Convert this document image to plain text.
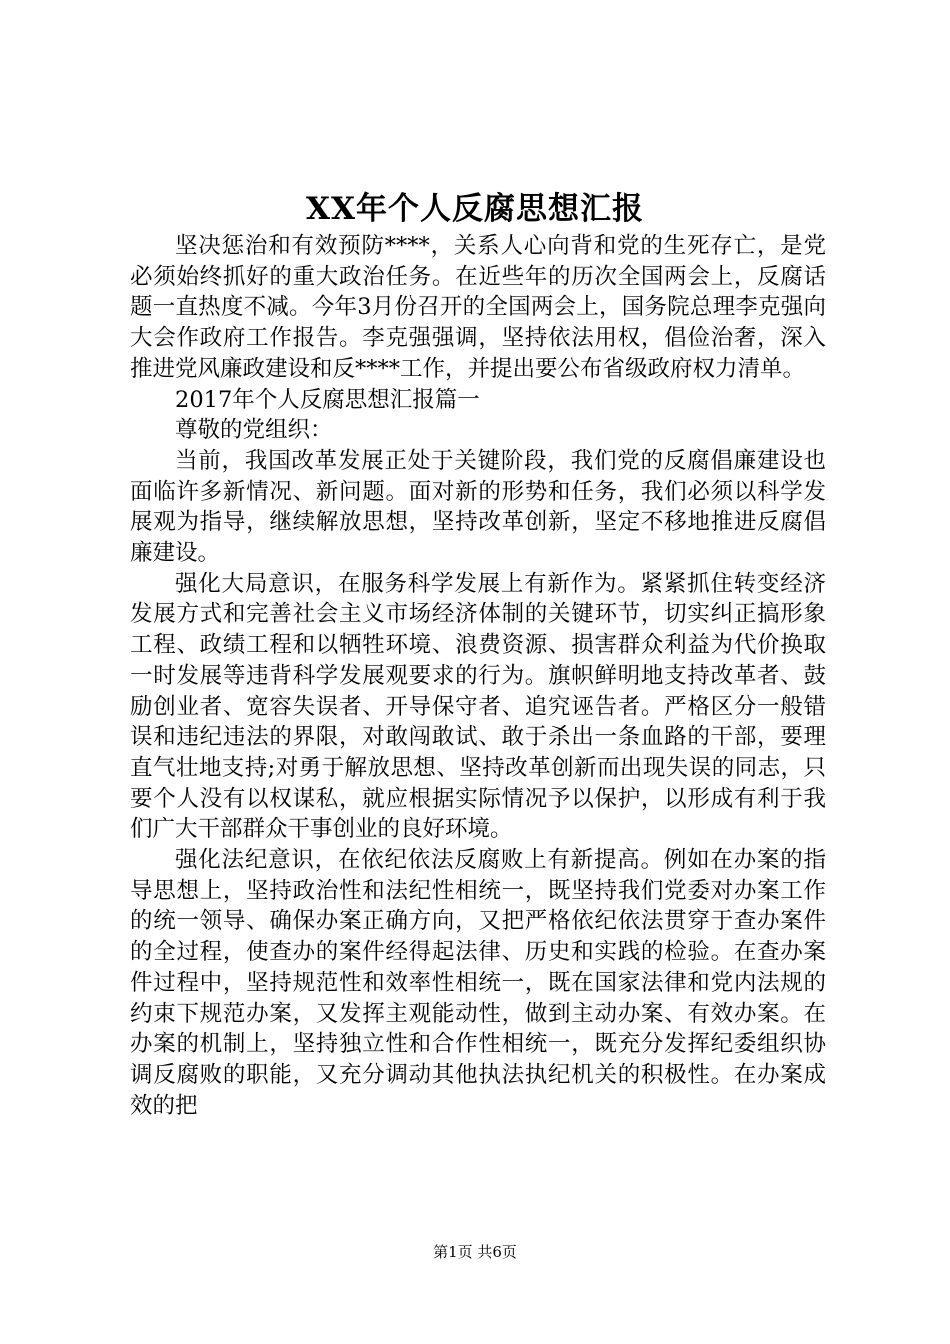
XX年个人反腐思想汇报

坚决惩治和有效预防****，关系人心向背和党的生死存亡，是党必须始终抓好的重大政治任务。在近些年的历次全国两会上，反腐话题一直热度不减。今年3月份召开的全国两会上，国务院总理李克强向大会作政府工作报告。李克强强调，坚持依法用权，倡俭治奢，深入推进党风廉政建设和反****工作，并提出要公布省级政府权力清单。

2017年个人反腐思想汇报篇一

尊敬的党组织：

当前，我国改革发展正处于关键阶段，我们党的反腐倡廉建设也面临许多新情况、新问题。面对新的形势和任务，我们必须以科学发展观为指导，继续解放思想，坚持改革创新，坚定不移地推进反腐倡廉建设。

强化大局意识，在服务科学发展上有新作为。紧紧抓住转变经济发展方式和完善社会主义市场经济体制的关键环节，切实纠正搞形象工程、政绩工程和以牺牲环境、浪费资源、损害群众利益为代价换取一时发展等违背科学发展观要求的行为。旗帜鲜明地支持改革者、鼓励创业者、宽容失误者、开导保守者、追究诬告者。严格区分一般错误和违纪违法的界限，对敢闯敢试、敢于杀出一条血路的干部，要理直气壮地支持;对勇于解放思想、坚持改革创新而出现失误的同志，只要个人没有以权谋私，就应根据实际情况予以保护，以形成有利于我们广大干部群众干事创业的良好环境。

强化法纪意识，在依纪依法反腐败上有新提高。例如在办案的指导思想上，坚持政治性和法纪性相统一，既坚持我们党委对办案工作的统一领导、确保办案正确方向，又把严格依纪依法贯穿于查办案件的全过程，使查办的案件经得起法律、历史和实践的检验。在查办案件过程中，坚持规范性和效率性相统一，既在国家法律和党内法规的约束下规范办案，又发挥主观能动性，做到主动办案、有效办案。在办案的机制上，坚持独立性和合作性相统一，既充分发挥纪委组织协调反腐败的职能，又充分调动其他执法执纪机关的积极性。在办案成效的把

第1页 共6页
